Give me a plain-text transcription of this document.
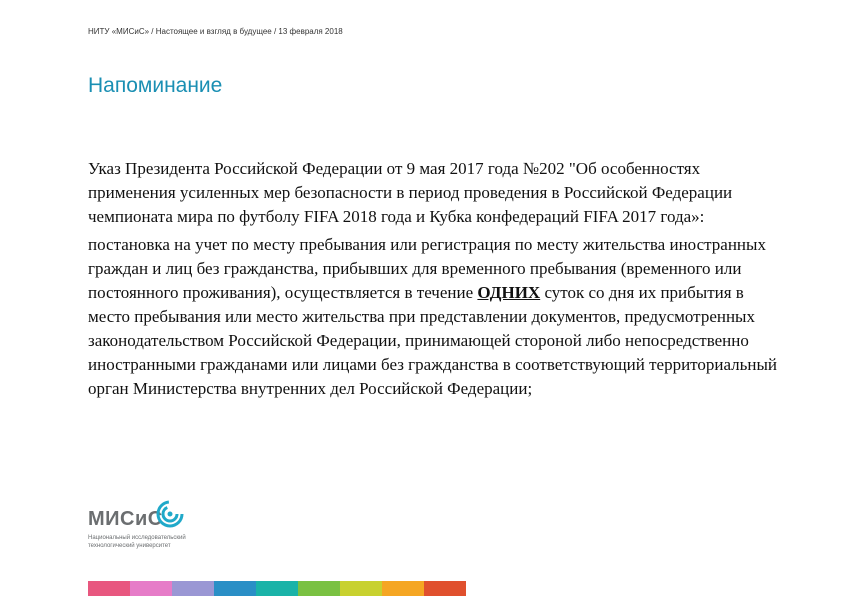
НИТУ «МИСиС» / Настоящее и взгляд в будущее / 13 февраля 2018
Напоминание

Указ Президента Российской Федерации от 9 мая 2017 года №202 "Об особенностях применения усиленных мер безопасности в период проведения в Российской Федерации чемпионата мира по футболу FIFA 2018 года и Кубка конфедераций FIFA 2017 года»:

постановка на учет по месту пребывания или регистрация по месту жительства иностранных граждан и лиц без гражданства, прибывших для временного пребывания (временного или постоянного проживания), осуществляется в течение ОДНИХ суток со дня их прибытия в место пребывания или место жительства при представлении документов, предусмотренных законодательством Российской Федерации, принимающей стороной либо непосредственно иностранными гражданами или лицами без гражданства в соответствующий территориальный орган Министерства внутренних дел Российской Федерации;

МИСиС
Национальный исследовательский технологический университет
